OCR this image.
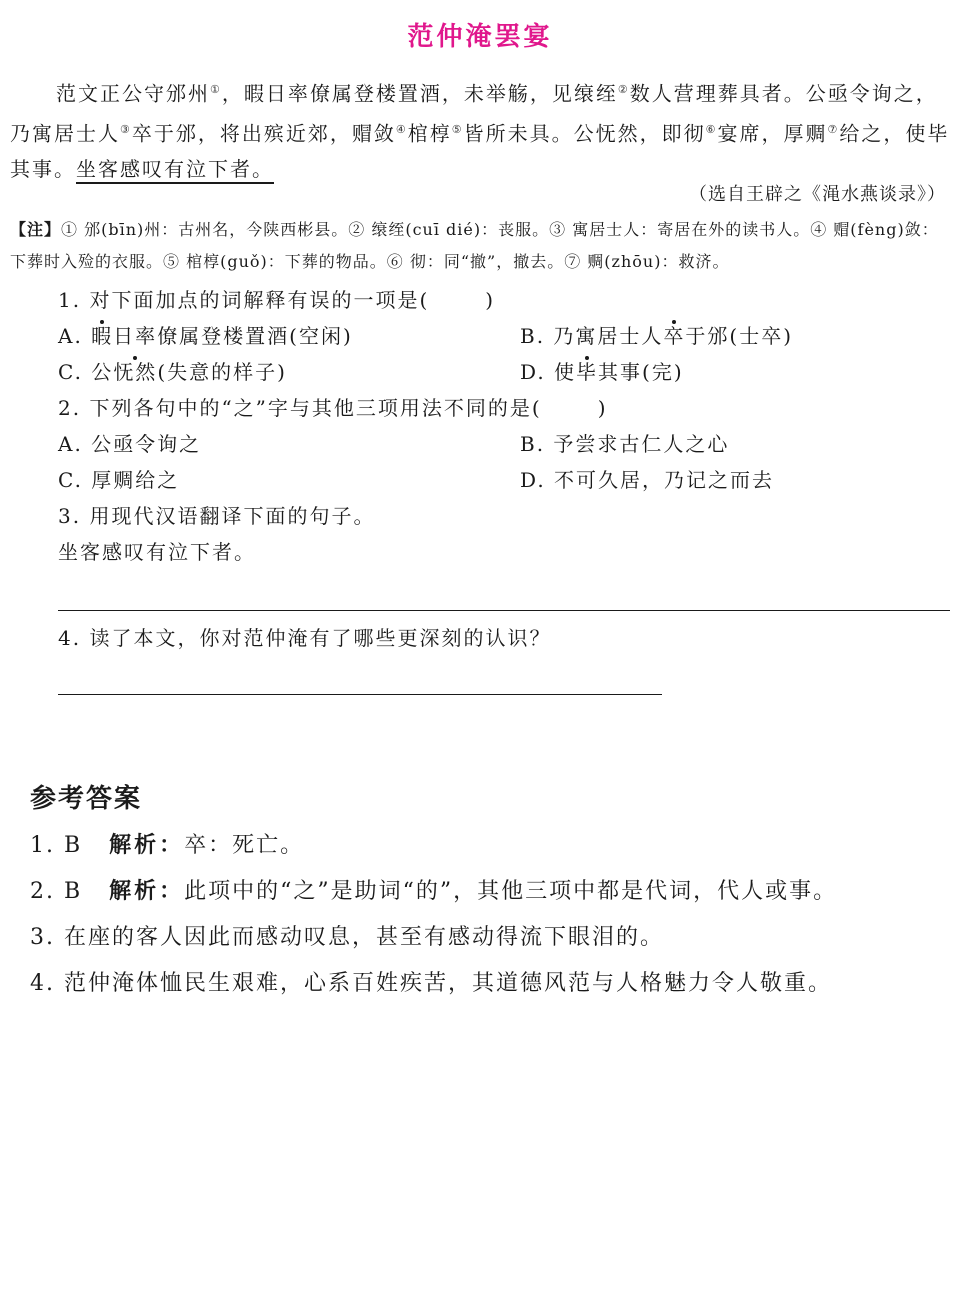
范仲淹罢宴

范文正公守邠州①，暇日率僚属登楼置酒，未举觞，见缞绖②数人营理葬具者。公亟令询之，乃寓居士人③卒于邠，将出殡近郊，赗敛④棺椁⑤皆所未具。公怃然，即彻⑥宴席，厚赒⑦给之，使毕其事。坐客感叹有泣下者。

（选自王辟之《渑水燕谈录》）
【注】① 邠(bīn)州：古州名，今陕西彬县。② 缞绖(cuī dié)：丧服。③ 寓居士人：寄居在外的读书人。④ 赗(fèng)敛：下葬时入殓的衣服。⑤ 棺椁(guǒ)：下葬的物品。⑥ 彻：同“撤”，撤去。⑦ 赒(zhōu)：救济。
1. 对下面加点的词解释有误的一项是(	)
A. 暇日率僚属登楼置酒(空闲)	B. 乃寓居士人卒于邠(士卒)
C. 公怃然(失意的样子)	D. 使毕其事(完)
2. 下列各句中的“之”字与其他三项用法不同的是(	)
A. 公亟令询之	B. 予尝求古仁人之心
C. 厚赒给之	D. 不可久居，乃记之而去
3. 用现代汉语翻译下面的句子。
坐客感叹有泣下者。
4. 读了本文，你对范仲淹有了哪些更深刻的认识？
参考答案
1. B 解析：卒：死亡。
2. B 解析：此项中的“之”是助词“的”，其他三项中都是代词，代人或事。
3. 在座的客人因此而感动叹息，甚至有感动得流下眼泪的。
4. 范仲淹体恤民生艰难，心系百姓疾苦，其道德风范与人格魅力令人敬重。
